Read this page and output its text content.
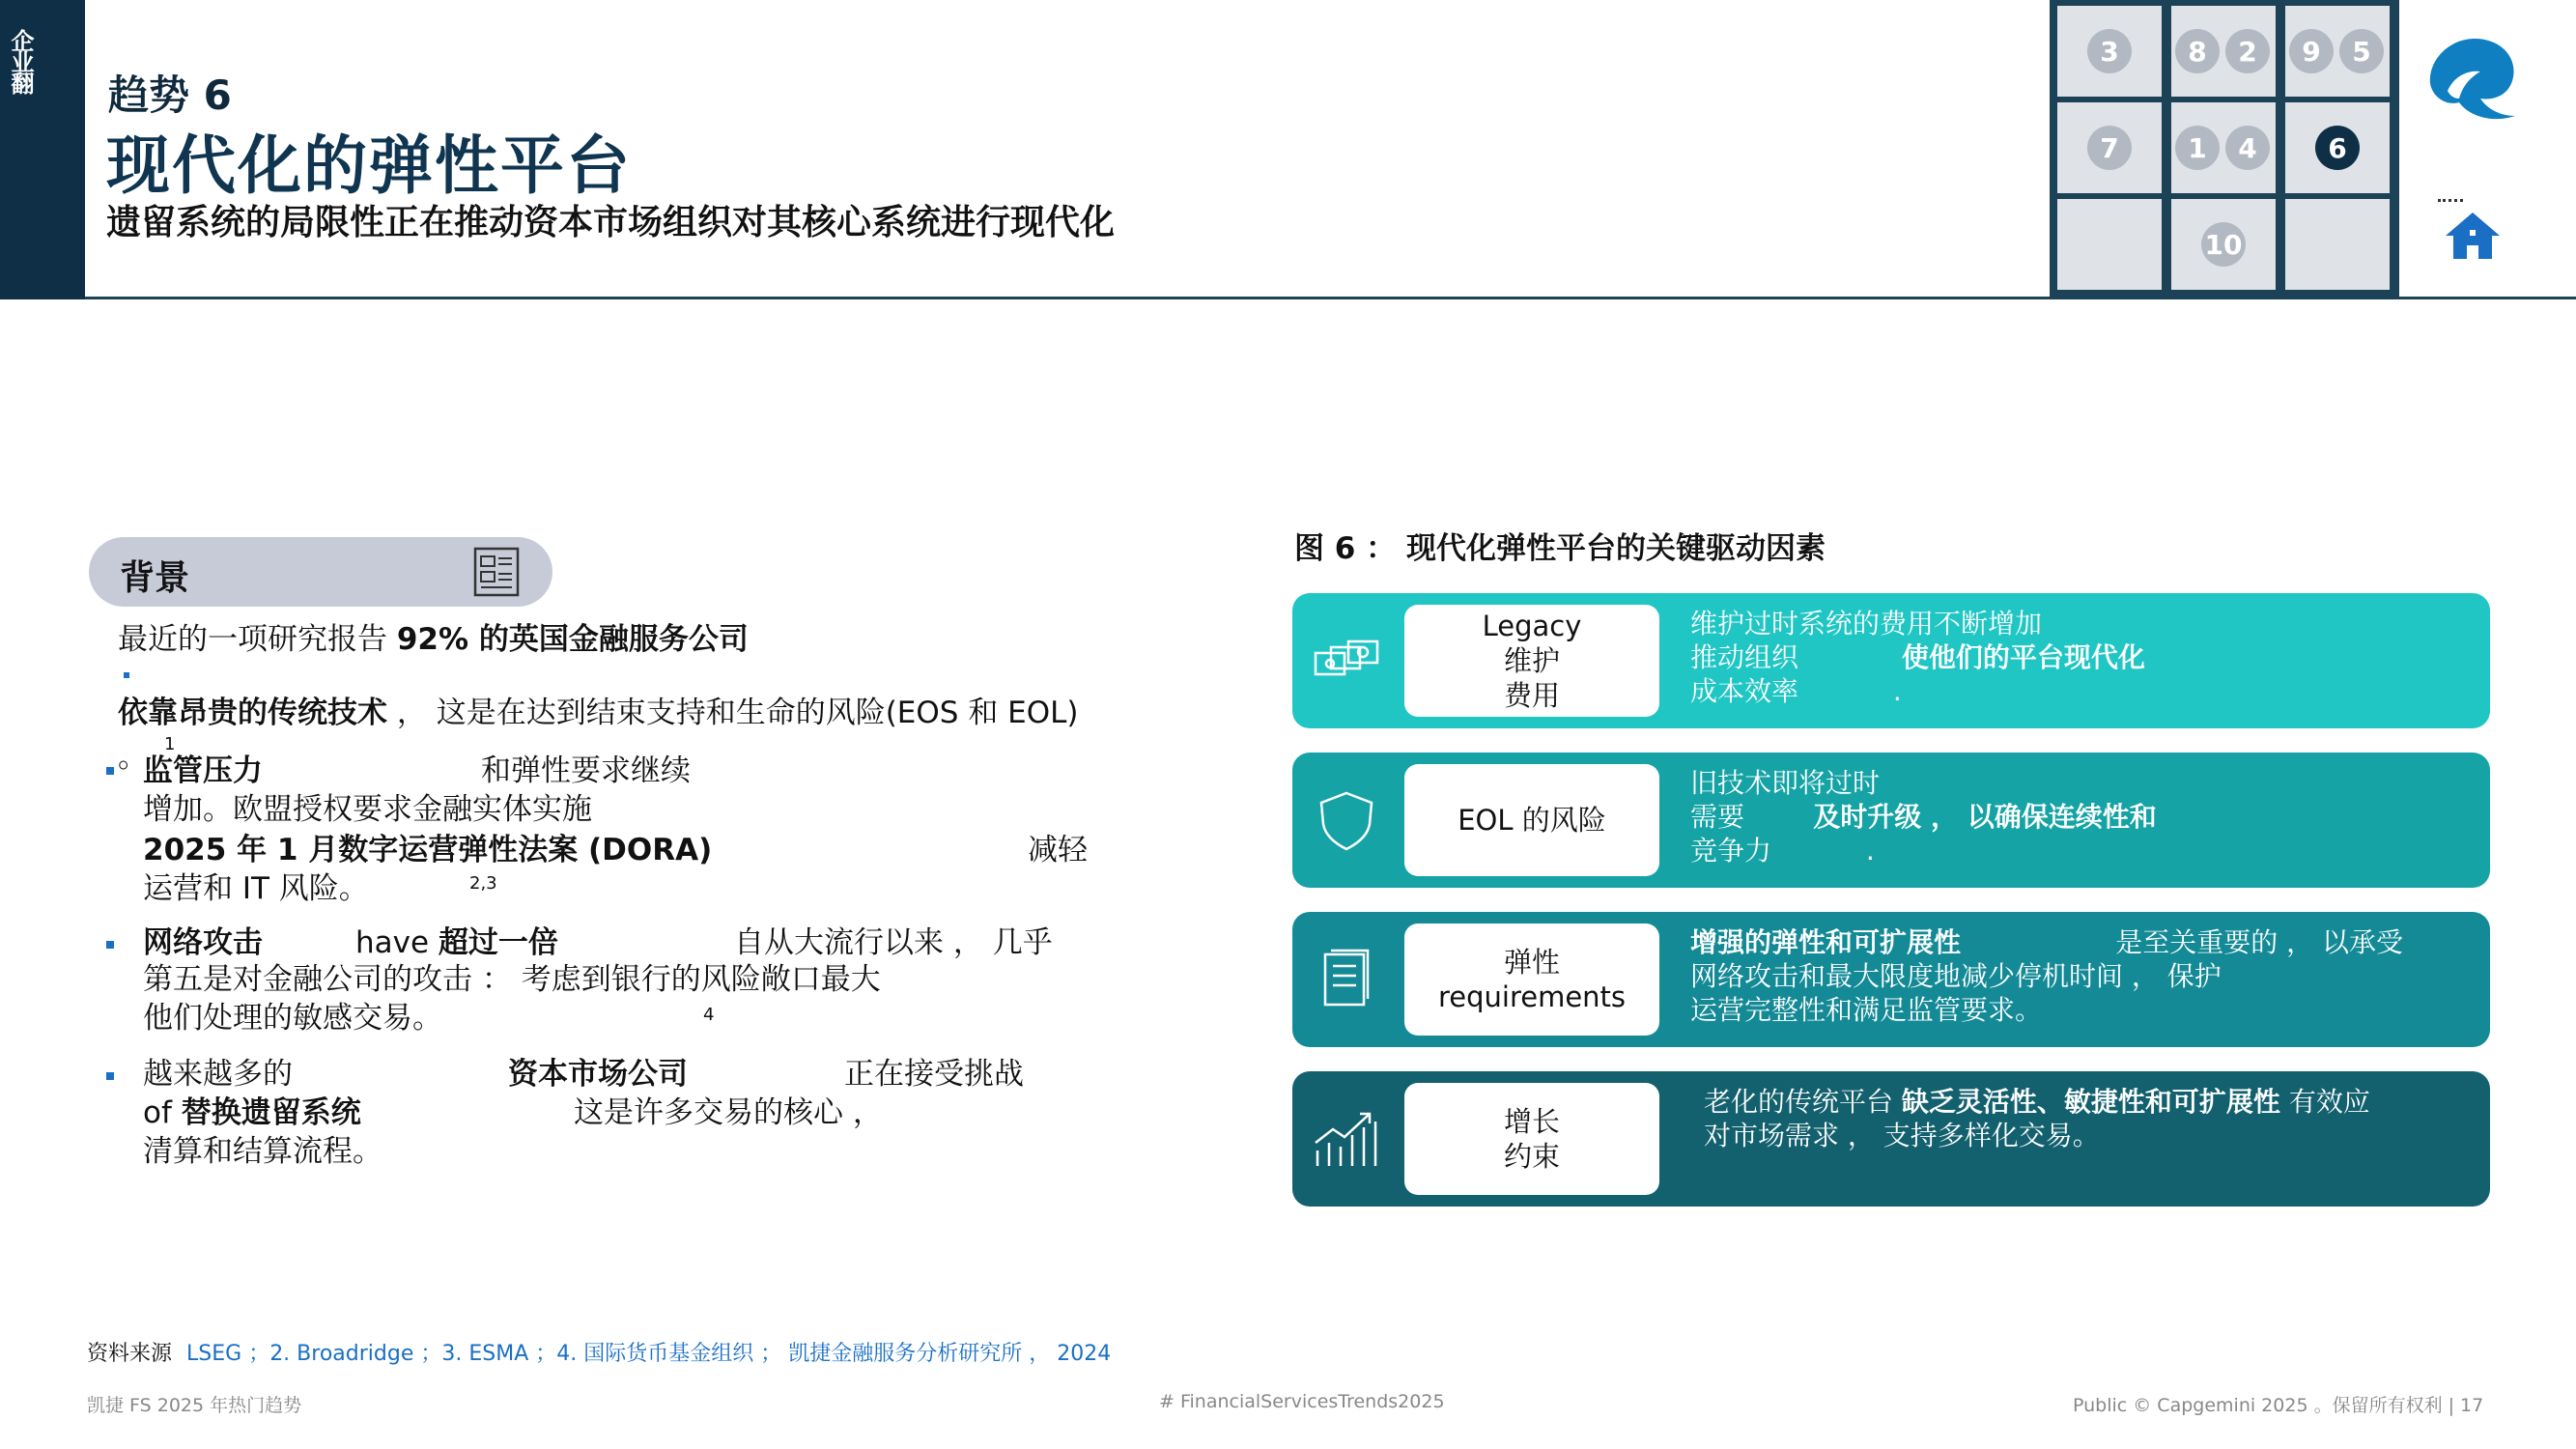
企业翻
趋势 6
现代化的弹性平台
遗留系统的局限性正在推动资本市场组织对其核心系统进行现代化
3	8	2	9	5
7	1	4	6
10
背景
最近的一项研究报告 92% 的英国金融服务公司
依靠昂贵的传统技术 ， 这是在达到结束支持和生命的风险(EOS 和 EOL)
1
。
监管压力	和弹性要求继续
增加。欧盟授权要求金融实体实施
2025 年 1 月数字运营弹性法案 (DORA)	减轻
运营和 IT 风险。	2,3
网络攻击	have 超过一倍	自从大流行以来 ， 几乎
第五是对金融公司的攻击 ： 考虑到银行的风险敞口最大
他们处理的敏感交易。	4
越来越多的	资本市场公司	正在接受挑战
of 替换遗留系统	这是许多交易的核心 ，
清算和结算流程。
图 6 ： 现代化弹性平台的关键驱动因素
Legacy
维护
费用
维护过时系统的费用不断增加
推动组织	使他们的平台现代化
成本效率	.
EOL 的风险
旧技术即将过时
需要	及时升级 ， 以确保连续性和
竞争力	.
弹性
requirements
增强的弹性和可扩展性	是至关重要的 ， 以承受
网络攻击和最大限度地减少停机时间 ， 保护
运营完整性和满足监管要求。
增长
约束
老化的传统平台 缺乏灵活性、敏捷性和可扩展性 有效应
对市场需求 ， 支持多样化交易。
资料来源 LSEG ；2. Broadridge ；3. ESMA ；4. 国际货币基金组织 ； 凯捷金融服务分析研究所 ， 2024
凯捷 FS 2025 年热门趋势	# FinancialServicesTrends2025	Public © Capgemini 2025 。保留所有权利 | 17
